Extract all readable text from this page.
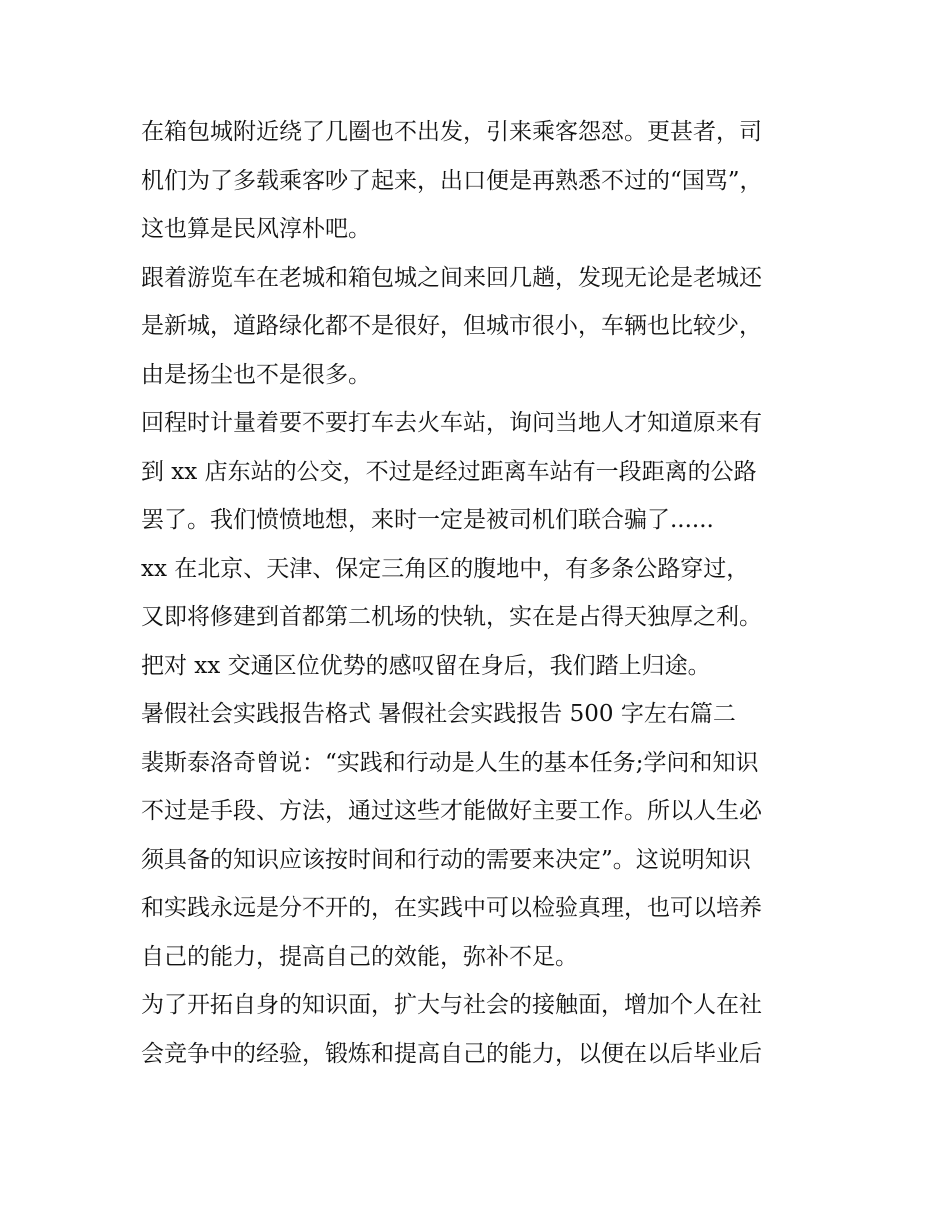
在箱包城附近绕了几圈也不出发，引来乘客怨怼。更甚者，司
机们为了多载乘客吵了起来，出口便是再熟悉不过的“国骂”，
这也算是民风淳朴吧。
跟着游览车在老城和箱包城之间来回几趟，发现无论是老城还
是新城，道路绿化都不是很好，但城市很小，车辆也比较少，
由是扬尘也不是很多。
回程时计量着要不要打车去火车站，询问当地人才知道原来有
到 xx 店东站的公交，不过是经过距离车站有一段距离的公路
罢了。我们愤愤地想，来时一定是被司机们联合骗了......
xx 在北京、天津、保定三角区的腹地中，有多条公路穿过，
又即将修建到首都第二机场的快轨，实在是占得天独厚之利。
把对 xx 交通区位优势的感叹留在身后，我们踏上归途。
暑假社会实践报告格式 暑假社会实践报告 500 字左右篇二
裴斯泰洛奇曾说：“实践和行动是人生的基本任务;学问和知识
不过是手段、方法，通过这些才能做好主要工作。所以人生必
须具备的知识应该按时间和行动的需要来决定”。这说明知识
和实践永远是分不开的，在实践中可以检验真理，也可以培养
自己的能力，提高自己的效能，弥补不足。
为了开拓自身的知识面，扩大与社会的接触面，增加个人在社
会竞争中的经验，锻炼和提高自己的能力，以便在以后毕业后
